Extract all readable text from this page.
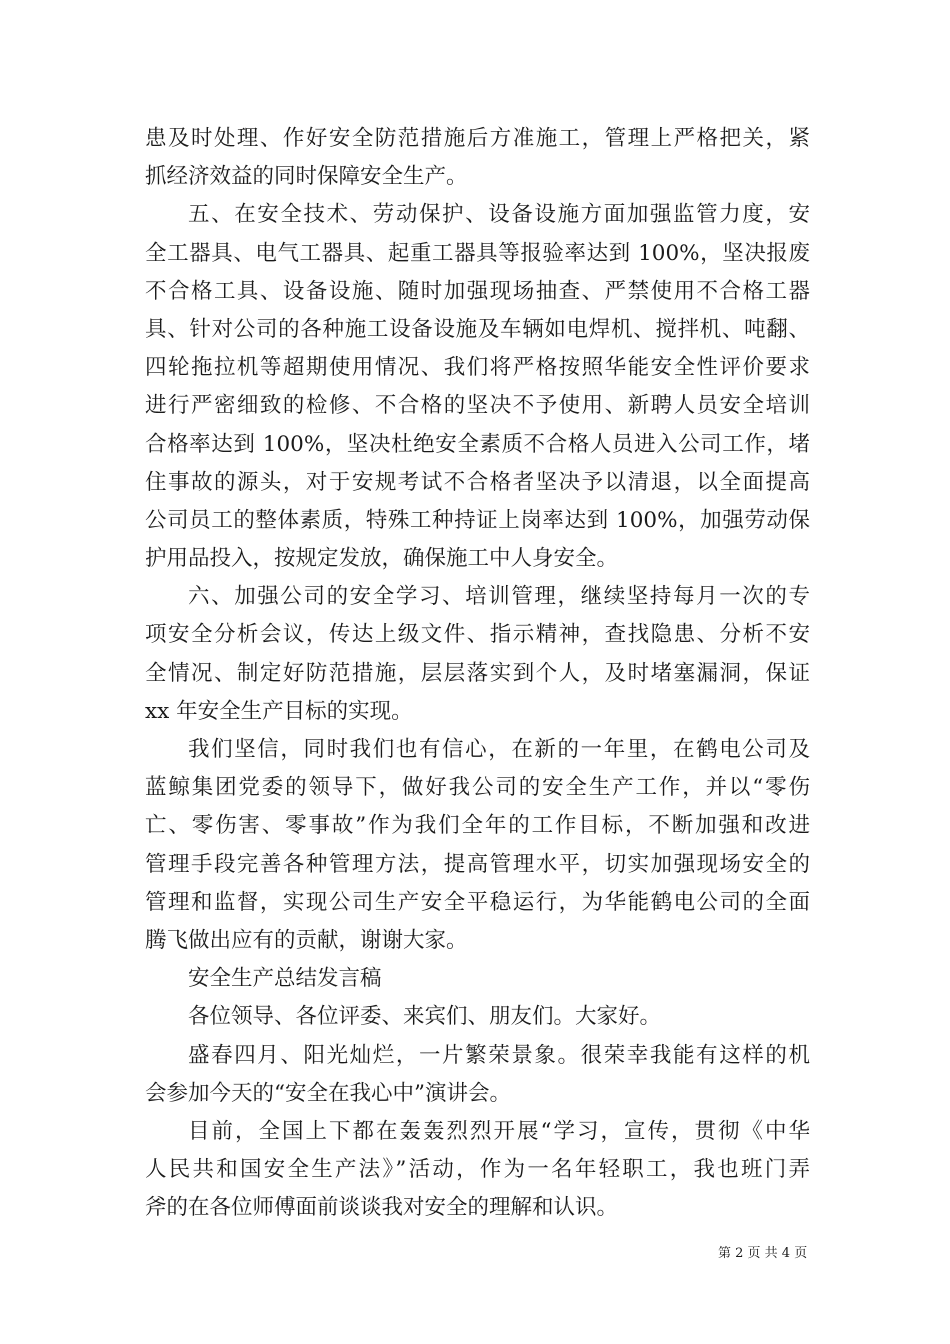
患及时处理、作好安全防范措施后方准施工，管理上严格把关，紧
抓经济效益的同时保障安全生产。
五、在安全技术、劳动保护、设备设施方面加强监管力度，安
全工器具、电气工器具、起重工器具等报验率达到 100%，坚决报废
不合格工具、设备设施、随时加强现场抽查、严禁使用不合格工器
具、针对公司的各种施工设备设施及车辆如电焊机、搅拌机、吨翻、
四轮拖拉机等超期使用情况、我们将严格按照华能安全性评价要求
进行严密细致的检修、不合格的坚决不予使用、新聘人员安全培训
合格率达到 100%，坚决杜绝安全素质不合格人员进入公司工作，堵
住事故的源头，对于安规考试不合格者坚决予以清退，以全面提高
公司员工的整体素质，特殊工种持证上岗率达到 100%，加强劳动保
护用品投入，按规定发放，确保施工中人身安全。
六、加强公司的安全学习、培训管理，继续坚持每月一次的专
项安全分析会议，传达上级文件、指示精神，查找隐患、分析不安
全情况、制定好防范措施，层层落实到个人，及时堵塞漏洞，保证
xx 年安全生产目标的实现。
我们坚信，同时我们也有信心，在新的一年里，在鹤电公司及
蓝鲸集团党委的领导下，做好我公司的安全生产工作，并以“零伤
亡、零伤害、零事故”作为我们全年的工作目标，不断加强和改进
管理手段完善各种管理方法，提高管理水平，切实加强现场安全的
管理和监督，实现公司生产安全平稳运行，为华能鹤电公司的全面
腾飞做出应有的贡献，谢谢大家。
安全生产总结发言稿
各位领导、各位评委、来宾们、朋友们。大家好。
盛春四月、阳光灿烂，一片繁荣景象。很荣幸我能有这样的机
会参加今天的“安全在我心中”演讲会。
目前，全国上下都在轰轰烈烈开展“学习，宣传，贯彻《中华
人民共和国安全生产法》”活动，作为一名年轻职工，我也班门弄
斧的在各位师傅面前谈谈我对安全的理解和认识。
第 2 页 共 4 页
